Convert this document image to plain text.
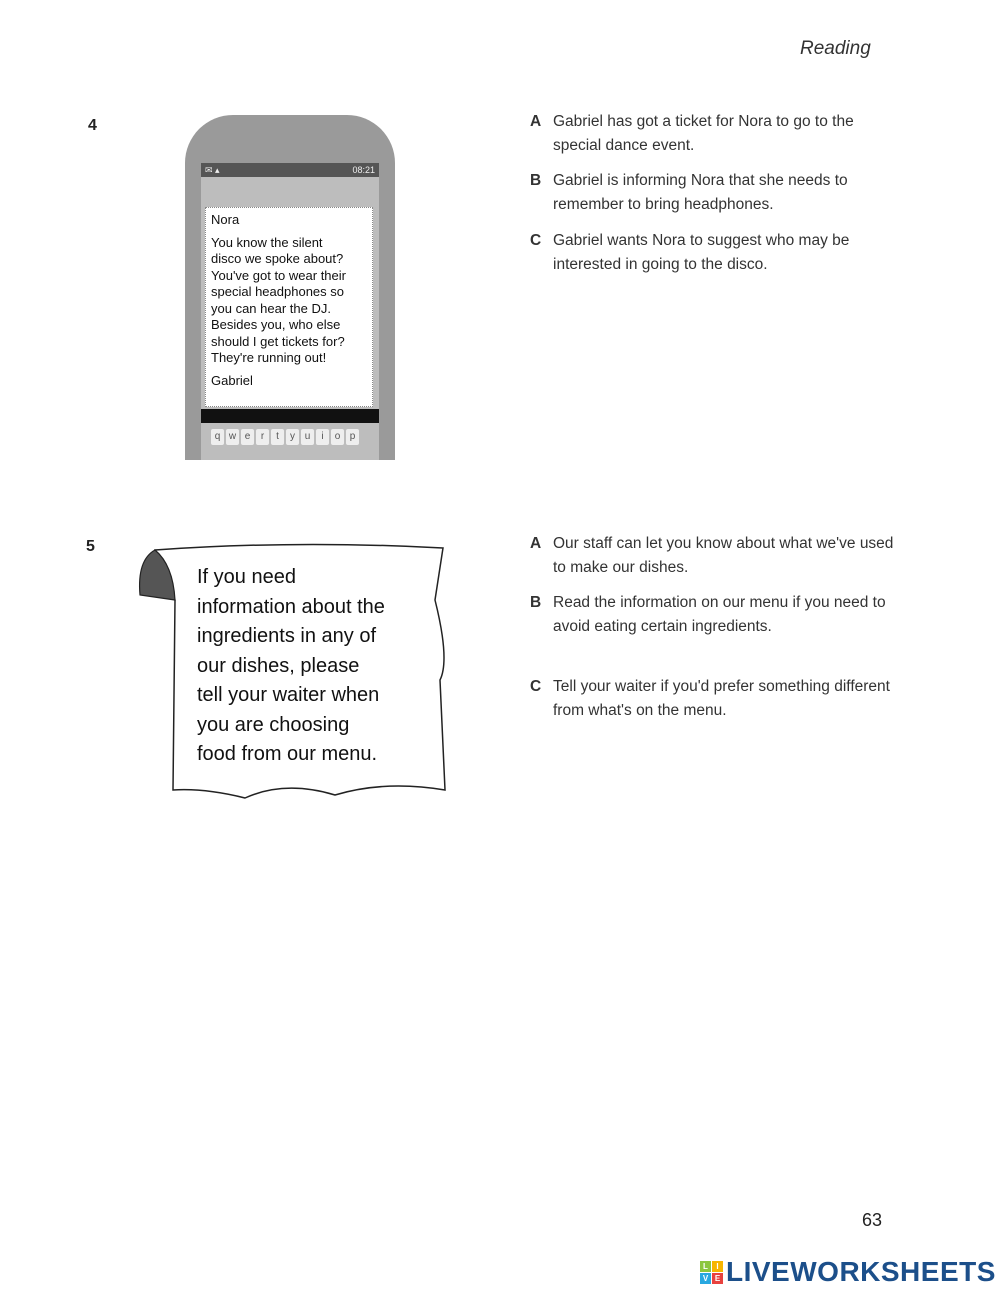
Reading
4
08:21
✉ ▴

Nora

You know the silent
disco we spoke about?
You've got to wear their
special headphones so
you can hear the DJ.
Besides you, who else
should I get tickets for?
They're running out!

Gabriel

q w e	r	t	y u	i	o p
A Gabriel has got a ticket for Nora to go to the special dance event.
B Gabriel is informing Nora that she needs to remember to bring headphones.
C Gabriel wants Nora to suggest who may be interested in going to the disco.
5
If you need
information about the
ingredients in any of
our dishes, please
tell your waiter when
you are choosing
food from our menu.
A Our staff can let you know about what we've used to make our dishes.
B Read the information on our menu if you need to avoid eating certain ingredients.
C Tell your waiter if you'd prefer something different from what's on the menu.
63
L	I
V E LIVEWORKSHEETS
